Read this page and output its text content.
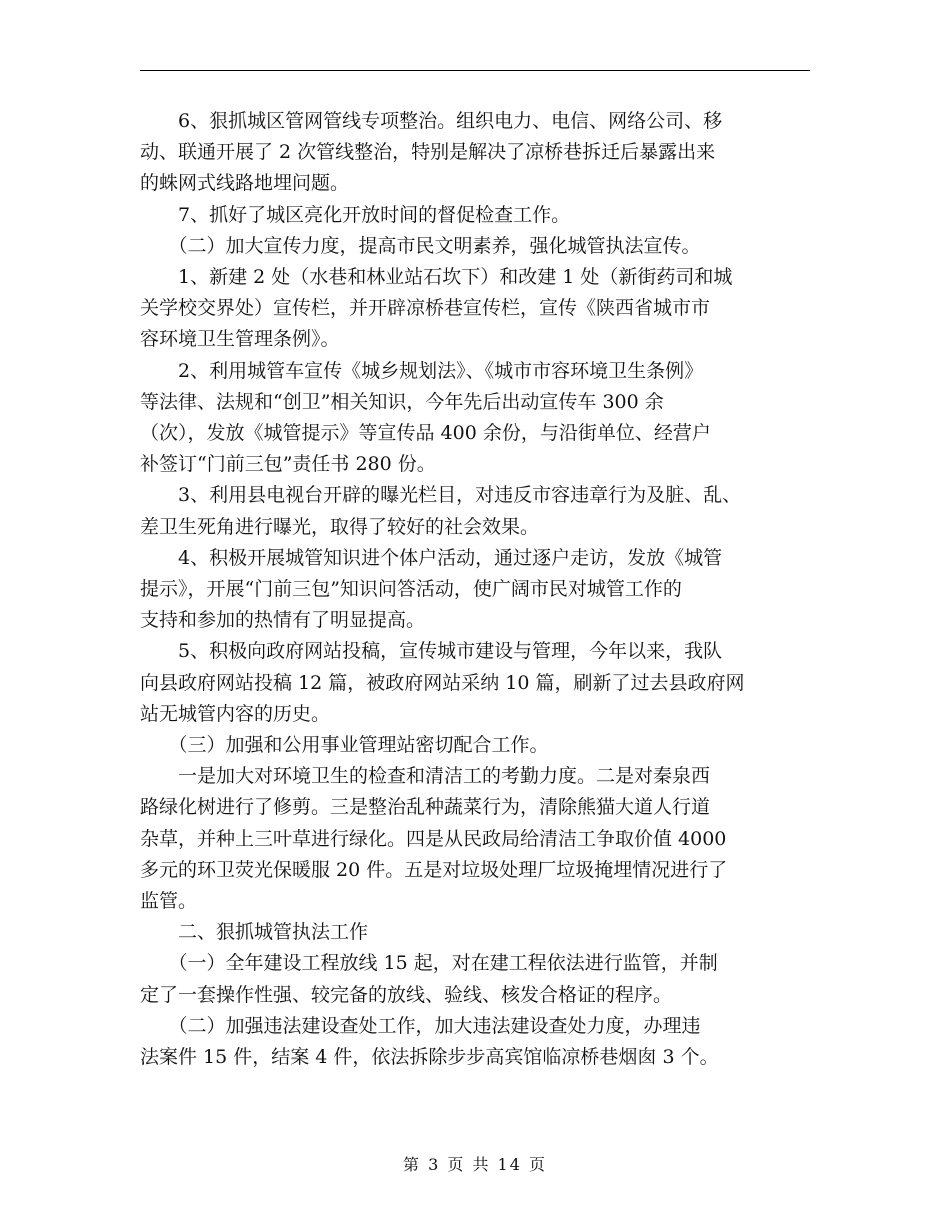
　　6、狠抓城区管网管线专项整治。组织电力、电信、网络公司、移
动、联通开展了 2 次管线整治，特别是解决了凉桥巷拆迁后暴露出来
的蛛网式线路地埋问题。

　　7、抓好了城区亮化开放时间的督促检查工作。

　　（二）加大宣传力度，提高市民文明素养，强化城管执法宣传。

　　1、新建 2 处（水巷和林业站石坎下）和改建 1 处（新街药司和城
关学校交界处）宣传栏，并开辟凉桥巷宣传栏，宣传《陕西省城市市
容环境卫生管理条例》。

　　2、利用城管车宣传《城乡规划法》、《城市市容环境卫生条例》
等法律、法规和“创卫”相关知识，今年先后出动宣传车 300 余
（次），发放《城管提示》等宣传品 400 余份，与沿街单位、经营户
补签订“门前三包”责任书 280 份。

　　3、利用县电视台开辟的曝光栏目，对违反市容违章行为及脏、乱、
差卫生死角进行曝光，取得了较好的社会效果。

　　4、积极开展城管知识进个体户活动，通过逐户走访，发放《城管
提示》，开展“门前三包”知识问答活动，使广阔市民对城管工作的
支持和参加的热情有了明显提高。

　　5、积极向政府网站投稿，宣传城市建设与管理，今年以来，我队
向县政府网站投稿 12 篇，被政府网站采纳 10 篇，刷新了过去县政府网
站无城管内容的历史。

　　（三）加强和公用事业管理站密切配合工作。

　　一是加大对环境卫生的检查和清洁工的考勤力度。二是对秦泉西
路绿化树进行了修剪。三是整治乱种蔬菜行为，清除熊猫大道人行道
杂草，并种上三叶草进行绿化。四是从民政局给清洁工争取价值 4000
多元的环卫荧光保暖服 20 件。五是对垃圾处理厂垃圾掩埋情况进行了
监管。

　　二、狠抓城管执法工作

　　（一）全年建设工程放线 15 起，对在建工程依法进行监管，并制
定了一套操作性强、较完备的放线、验线、核发合格证的程序。

　　（二）加强违法建设查处工作，加大违法建设查处力度，办理违
法案件 15 件，结案 4 件，依法拆除步步高宾馆临凉桥巷烟囱 3 个。

第 3 页 共 14 页
